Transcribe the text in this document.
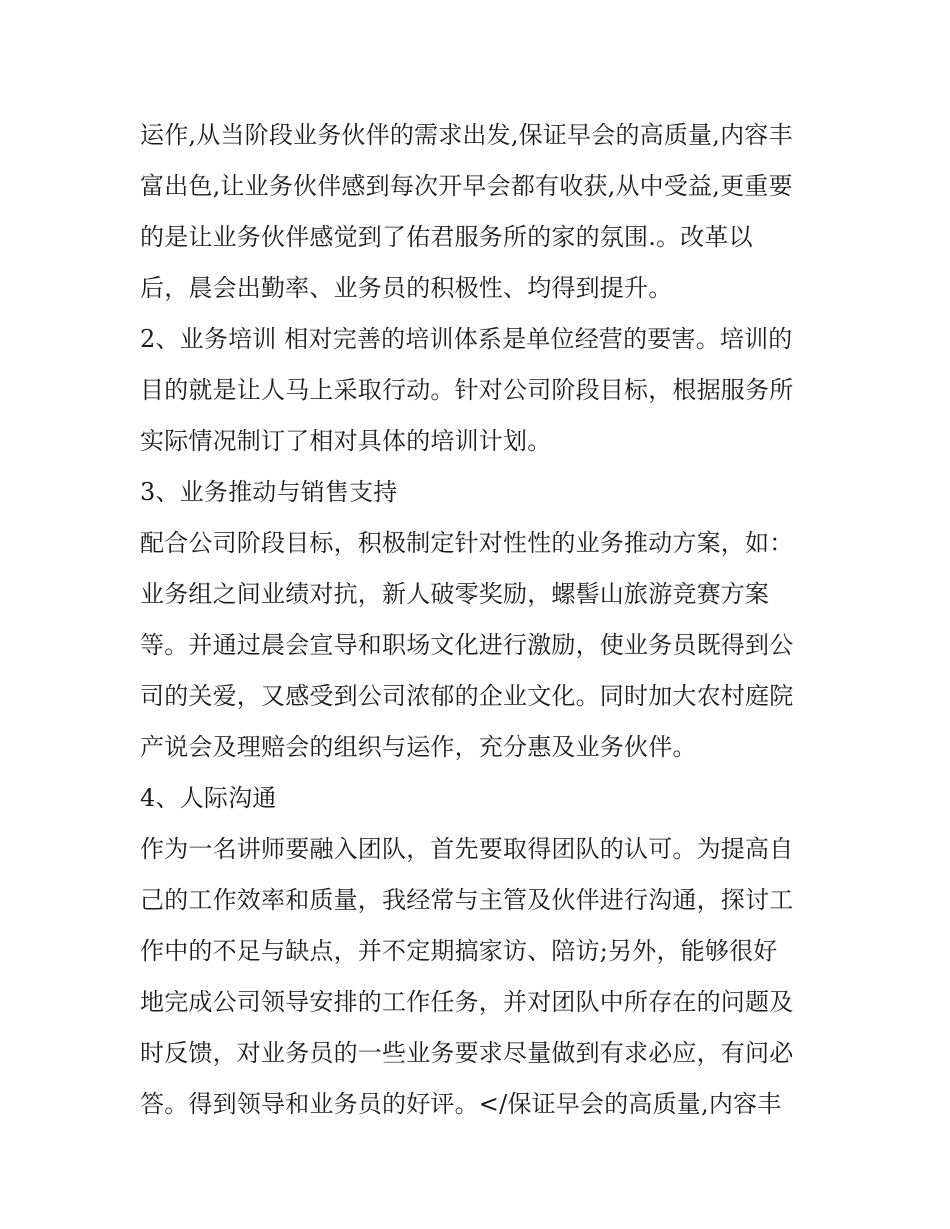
运作,从当阶段业务伙伴的需求出发,保证早会的高质量,内容丰
富出色,让业务伙伴感到每次开早会都有收获,从中受益,更重要
的是让业务伙伴感觉到了佑君服务所的家的氛围.。改革以
后，晨会出勤率、业务员的积极性、均得到提升。
2、业务培训 相对完善的培训体系是单位经营的要害。培训的
目的就是让人马上采取行动。针对公司阶段目标，根据服务所
实际情况制订了相对具体的培训计划。
3、业务推动与销售支持
配合公司阶段目标，积极制定针对性性的业务推动方案，如：
业务组之间业绩对抗，新人破零奖励，螺髻山旅游竞赛方案
等。并通过晨会宣导和职场文化进行激励，使业务员既得到公
司的关爱，又感受到公司浓郁的企业文化。同时加大农村庭院
产说会及理赔会的组织与运作，充分惠及业务伙伴。
4、人际沟通
作为一名讲师要融入团队，首先要取得团队的认可。为提高自
己的工作效率和质量，我经常与主管及伙伴进行沟通，探讨工
作中的不足与缺点，并不定期搞家访、陪访;另外，能够很好
地完成公司领导安排的工作任务，并对团队中所存在的问题及
时反馈，对业务员的一些业务要求尽量做到有求必应，有问必
答。得到领导和业务员的好评。</保证早会的高质量,内容丰
